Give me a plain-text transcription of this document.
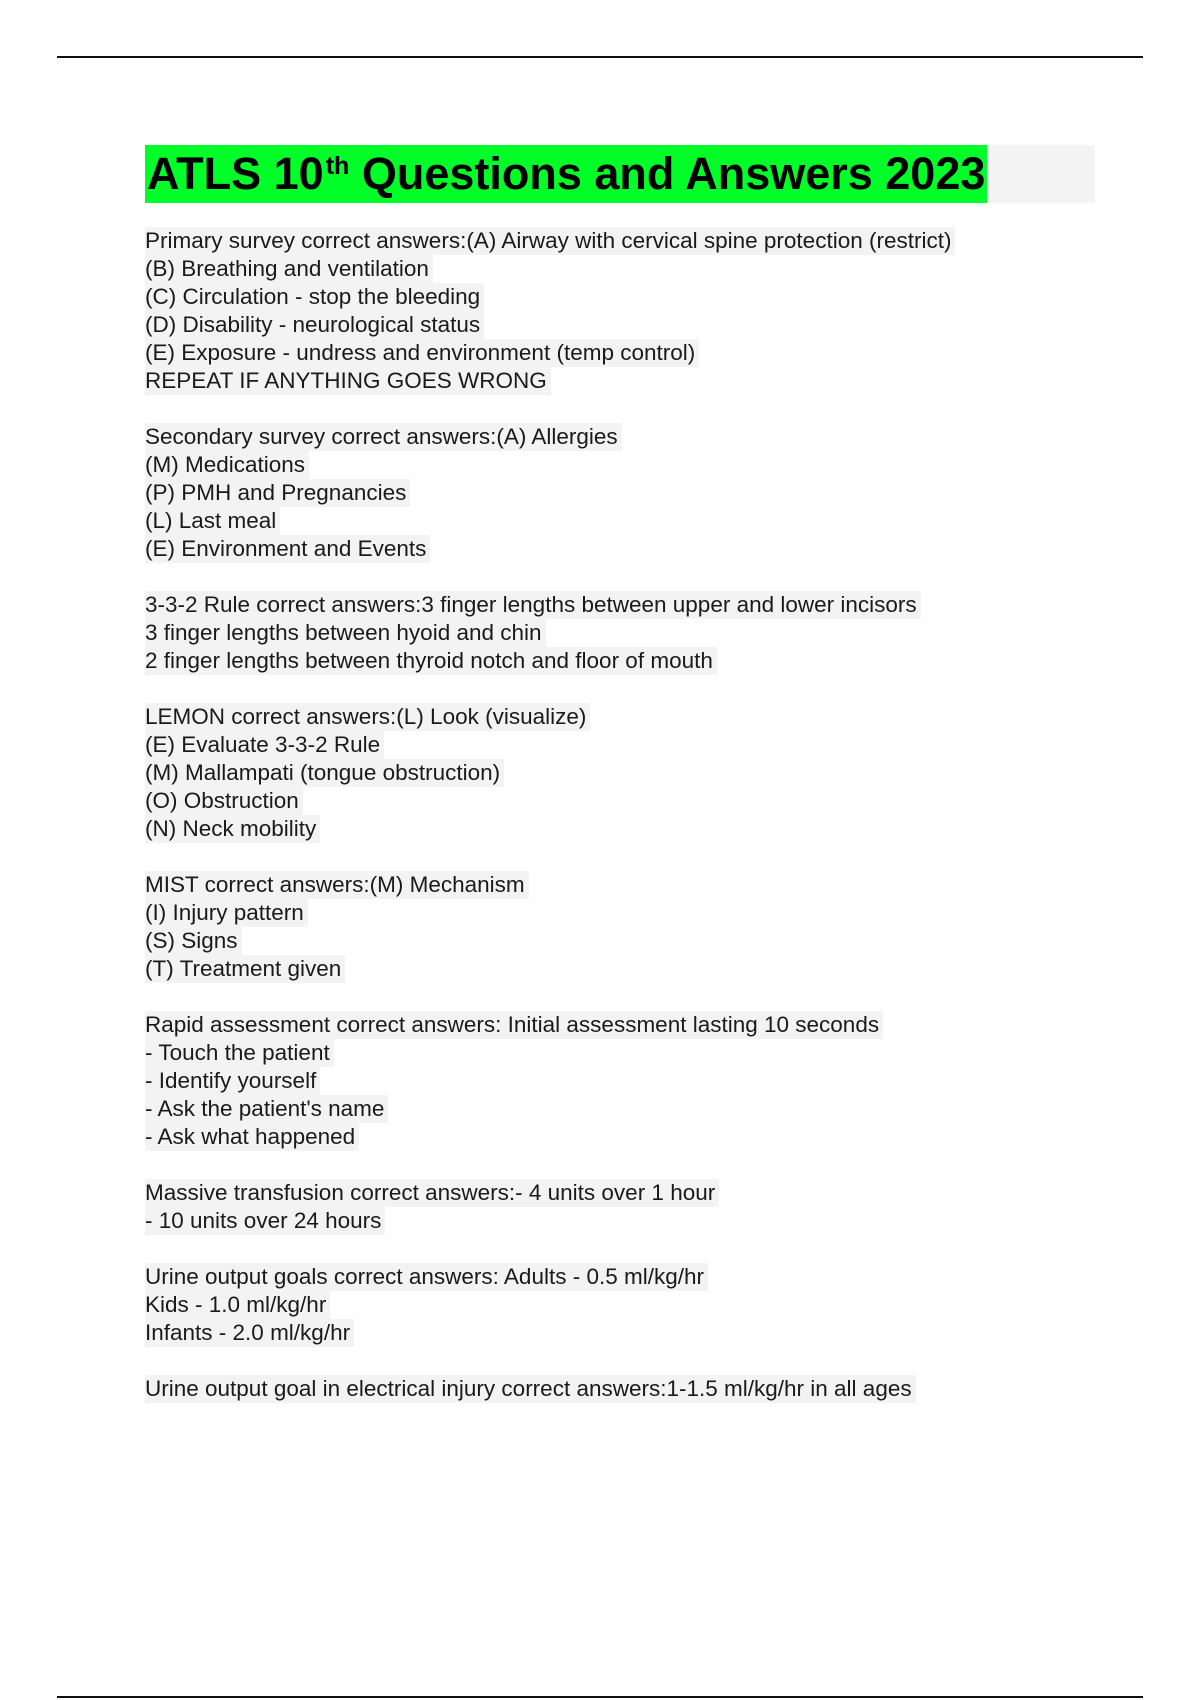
ATLS 10th Questions and Answers 2023
Primary survey correct answers:(A) Airway with cervical spine protection (restrict)
(B) Breathing and ventilation
(C) Circulation - stop the bleeding
(D) Disability - neurological status
(E) Exposure - undress and environment (temp control)
REPEAT IF ANYTHING GOES WRONG
Secondary survey correct answers:(A) Allergies
(M) Medications
(P) PMH and Pregnancies
(L) Last meal
(E) Environment and Events
3-3-2 Rule correct answers:3 finger lengths between upper and lower incisors
3 finger lengths between hyoid and chin
2 finger lengths between thyroid notch and floor of mouth
LEMON correct answers:(L) Look (visualize)
(E) Evaluate 3-3-2 Rule
(M) Mallampati (tongue obstruction)
(O) Obstruction
(N) Neck mobility
MIST correct answers:(M) Mechanism
(I) Injury pattern
(S) Signs
(T) Treatment given
Rapid assessment correct answers: Initial assessment lasting 10 seconds
- Touch the patient
- Identify yourself
- Ask the patient's name
- Ask what happened
Massive transfusion correct answers:- 4 units over 1 hour
- 10 units over 24 hours
Urine output goals correct answers: Adults - 0.5 ml/kg/hr
Kids - 1.0 ml/kg/hr
Infants - 2.0 ml/kg/hr
Urine output goal in electrical injury correct answers:1-1.5 ml/kg/hr in all ages
